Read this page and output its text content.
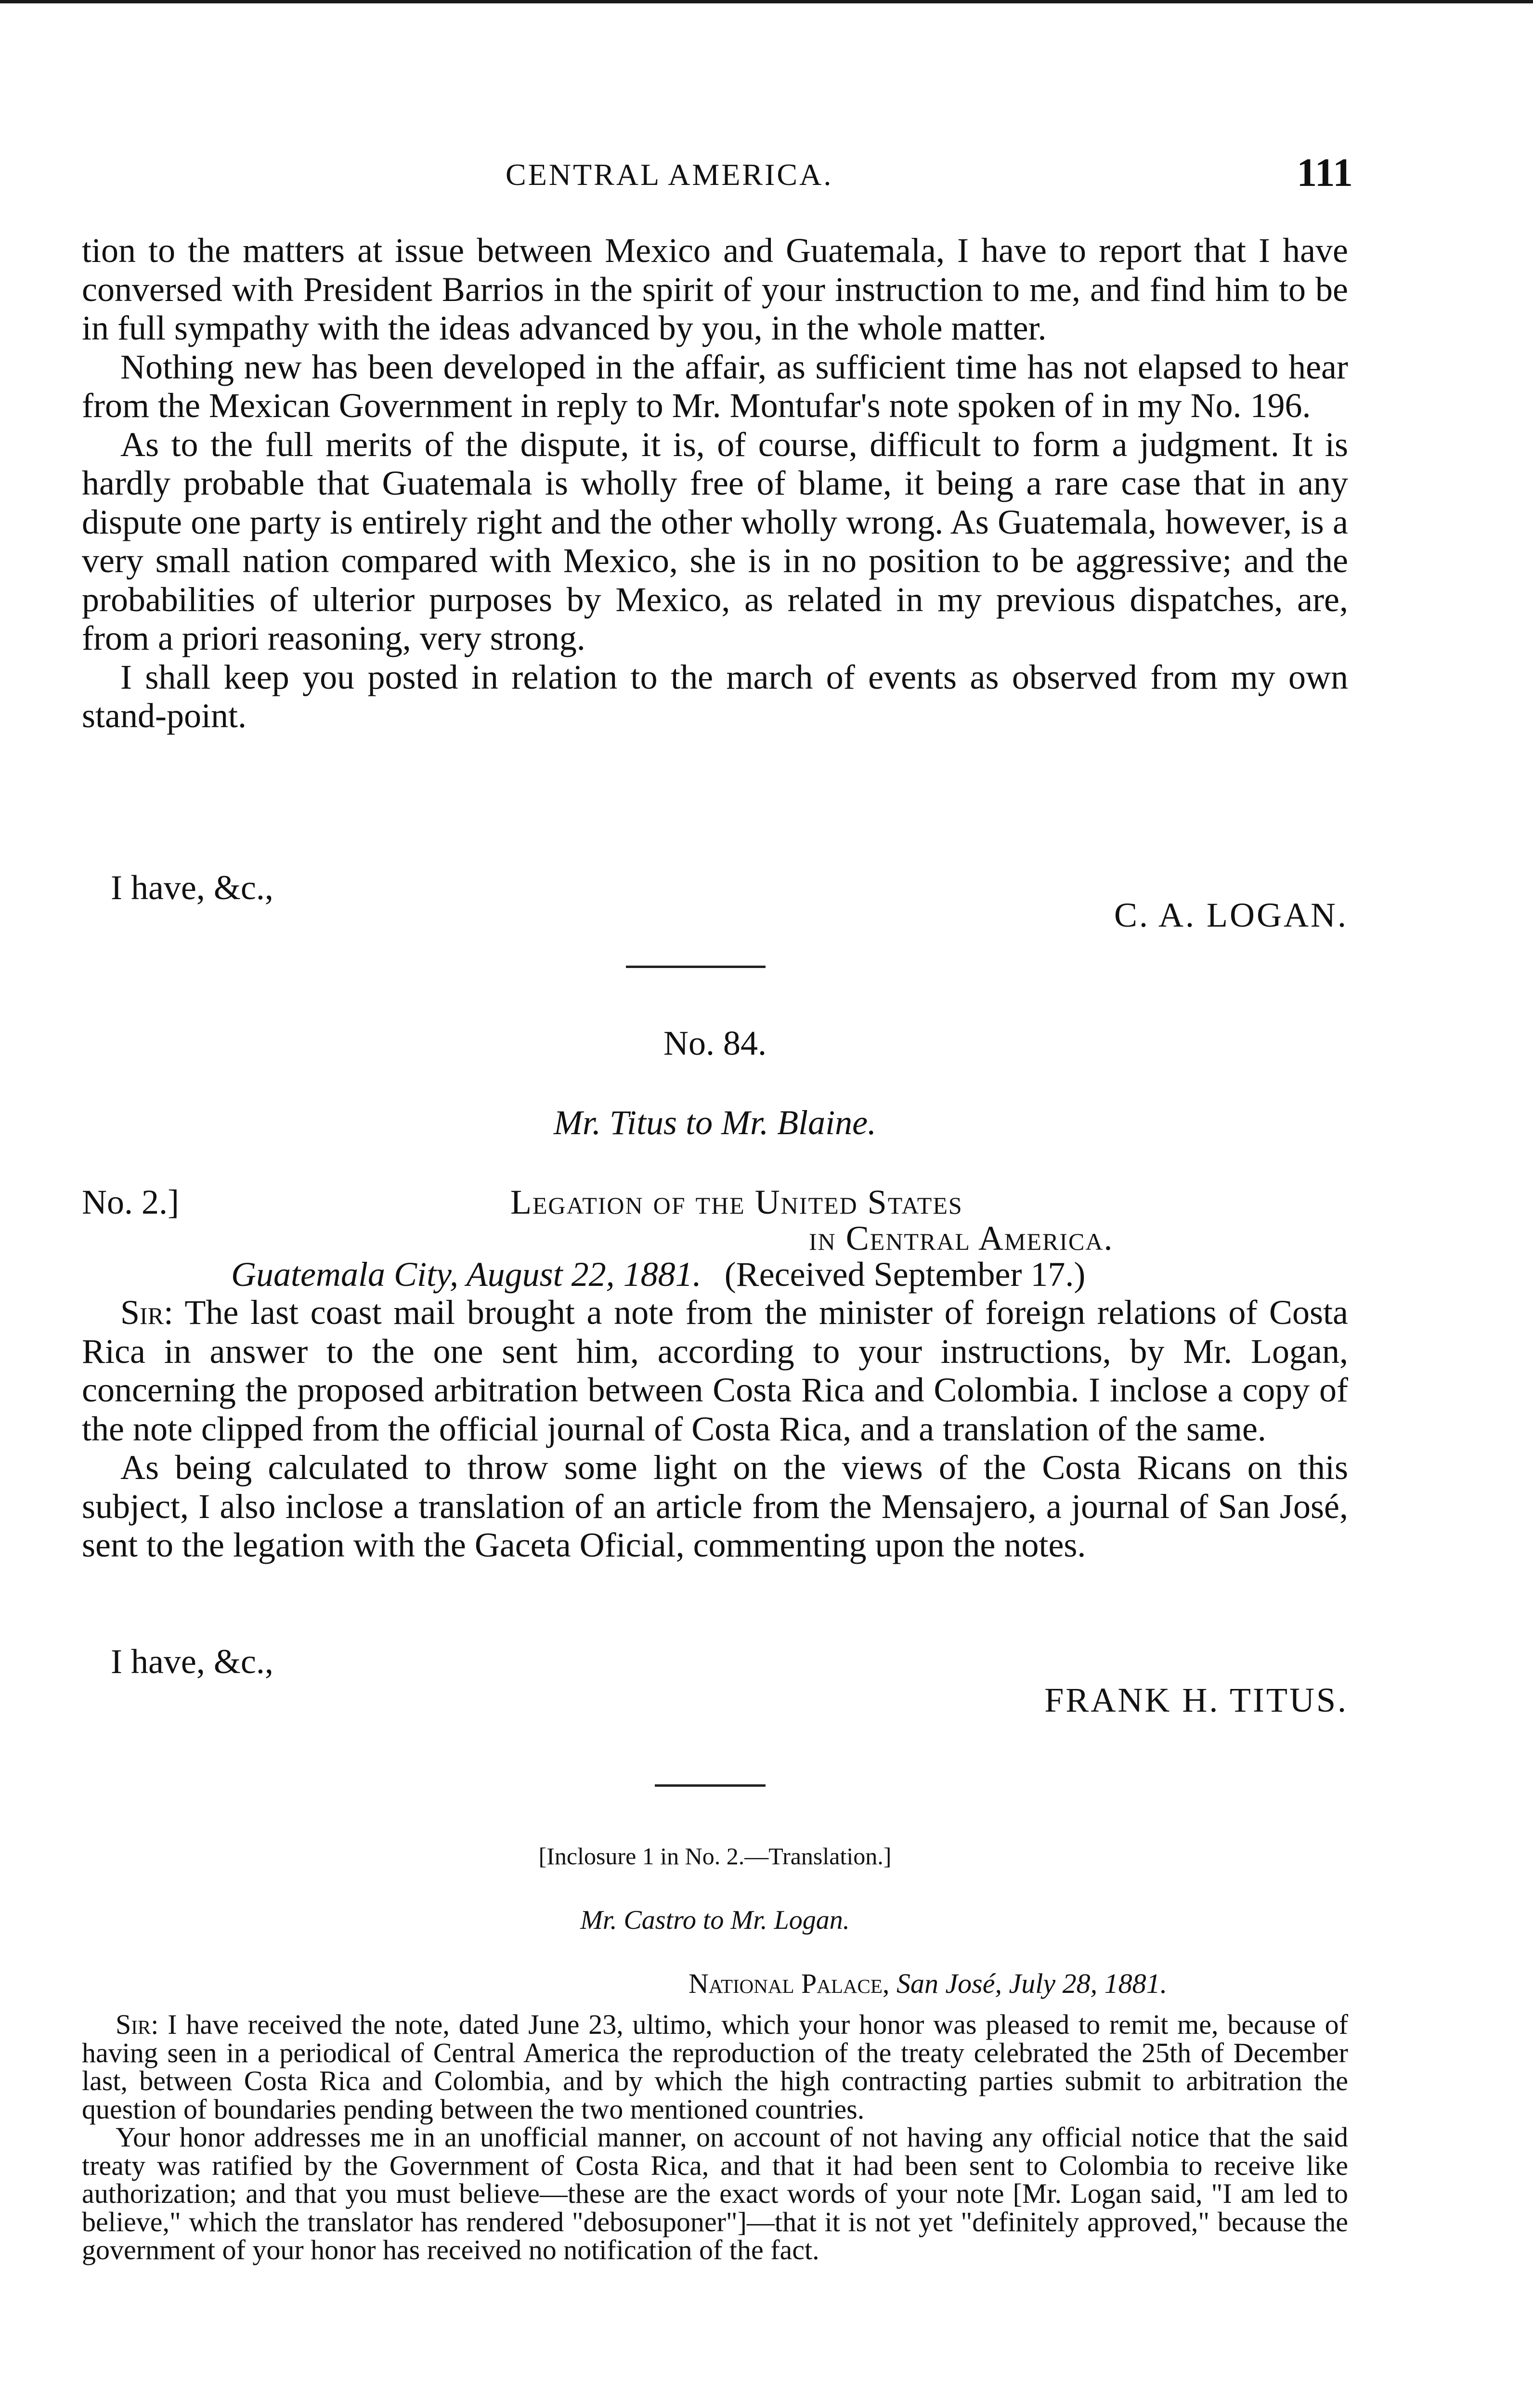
CENTRAL AMERICA.	111

tion to the matters at issue between Mexico and Guatemala, I have to report that I have conversed with President Barrios in the spirit of your instruction to me, and find him to be in full sympathy with the ideas advanced by you, in the whole matter.

Nothing new has been developed in the affair, as sufficient time has not elapsed to hear from the Mexican Government in reply to Mr. Montufar's note spoken of in my No. 196.

As to the full merits of the dispute, it is, of course, difficult to form a judgment. It is hardly probable that Guatemala is wholly free of blame, it being a rare case that in any dispute one party is entirely right and the other wholly wrong. As Guatemala, however, is a very small nation compared with Mexico, she is in no position to be aggressive; and the probabilities of ulterior purposes by Mexico, as related in my previous dispatches, are, from a priori reasoning, very strong.

I shall keep you posted in relation to the march of events as observed from my own stand-point.

I have, &c.,
C. A. LOGAN.
No. 84.
Mr. Titus to Mr. Blaine.
No. 2.]	Legation of the United States
in Central America.
Guatemala City, August 22, 1881. (Received September 17.)

Sir: The last coast mail brought a note from the minister of foreign relations of Costa Rica in answer to the one sent him, according to your instructions, by Mr. Logan, concerning the proposed arbitration between Costa Rica and Colombia. I inclose a copy of the note clipped from the official journal of Costa Rica, and a translation of the same.

As being calculated to throw some light on the views of the Costa Ricans on this subject, I also inclose a translation of an article from the Mensajero, a journal of San José, sent to the legation with the Gaceta Oficial, commenting upon the notes.

I have, &c.,
FRANK H. TITUS.
[Inclosure 1 in No. 2.—Translation.]
Mr. Castro to Mr. Logan.
National Palace, San José, July 28, 1881.

Sir: I have received the note, dated June 23, ultimo, which your honor was pleased to remit me, because of having seen in a periodical of Central America the reproduction of the treaty celebrated the 25th of December last, between Costa Rica and Colombia, and by which the high contracting parties submit to arbitration the question of boundaries pending between the two mentioned countries.

Your honor addresses me in an unofficial manner, on account of not having any official notice that the said treaty was ratified by the Government of Costa Rica, and that it had been sent to Colombia to receive like authorization; and that you must believe—these are the exact words of your note [Mr. Logan said, "I am led to believe," which the translator has rendered "debosuponer"]—that it is not yet "definitely approved," because the government of your honor has received no notification of the fact.
